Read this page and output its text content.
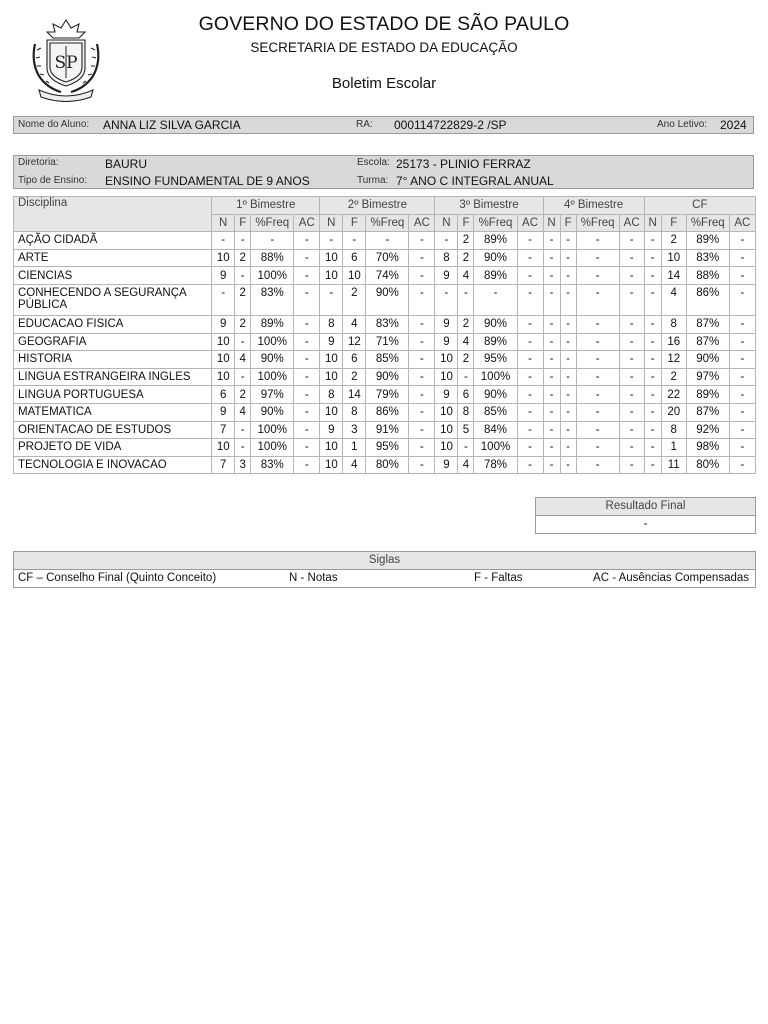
SP
GOVERNO DO ESTADO DE SÃO PAULO
SECRETARIA DE ESTADO DA EDUCAÇÃO
Boletim Escolar
Nome do Aluno: ANNA LIZ SILVA GARCIA	RA: 000114722829-2 /SP	Ano Letivo: 2024
Diretoria:	BAURU	Escola: 25173 - PLINIO FERRAZ
Tipo de Ensino: ENSINO FUNDAMENTAL DE 9 ANOS	Turma: 7° ANO C INTEGRAL ANUAL
Disciplina	1º Bimestre				2º Bimestre				3º Bimestre				4º Bimestre				CF			
	N	F	%Freq	AC	N	F	%Freq	AC	N	F	%Freq	AC	N	F	%Freq	AC	N	F	%Freq	AC
AÇÃO CIDADÃ	-	-	-	-	-	-	-	-	-	2	89%	-	-	-	-	-	-	2	89%	-
ARTE	10	2	88%	-	10	6	70%	-	8	2	90%	-	-	-	-	-	-	10	83%	-
CIENCIAS	9	-	100%	-	10	10	74%	-	9	4	89%	-	-	-	-	-	-	14	88%	-
CONHECENDO A SEGURANÇA PÚBLICA	-	2	83%	-	-	2	90%	-	-	-	-	-	-	-	-	-	-	4	86%	-
EDUCACAO FISICA	9	2	89%	-	8	4	83%	-	9	2	90%	-	-	-	-	-	-	8	87%	-
GEOGRAFIA	10	-	100%	-	9	12	71%	-	9	4	89%	-	-	-	-	-	-	16	87%	-
HISTORIA	10	4	90%	-	10	6	85%	-	10	2	95%	-	-	-	-	-	-	12	90%	-
LINGUA ESTRANGEIRA INGLES	10	-	100%	-	10	2	90%	-	10	-	100%	-	-	-	-	-	-	2	97%	-
LINGUA PORTUGUESA	6	2	97%	-	8	14	79%	-	9	6	90%	-	-	-	-	-	-	22	89%	-
MATEMATICA	9	4	90%	-	10	8	86%	-	10	8	85%	-	-	-	-	-	-	20	87%	-
ORIENTACAO DE ESTUDOS	7	-	100%	-	9	3	91%	-	10	5	84%	-	-	-	-	-	-	8	92%	-
PROJETO DE VIDA	10	-	100%	-	10	1	95%	-	10	-	100%	-	-	-	-	-	-	1	98%	-
TECNOLOGIA E INOVACAO	7	3	83%	-	10	4	80%	-	9	4	78%	-	-	-	-	-	-	11	80%	-
Resultado Final
-
Siglas
CF – Conselho Final (Quinto Conceito)	N - Notas	F - Faltas	AC - Ausências Compensadas
